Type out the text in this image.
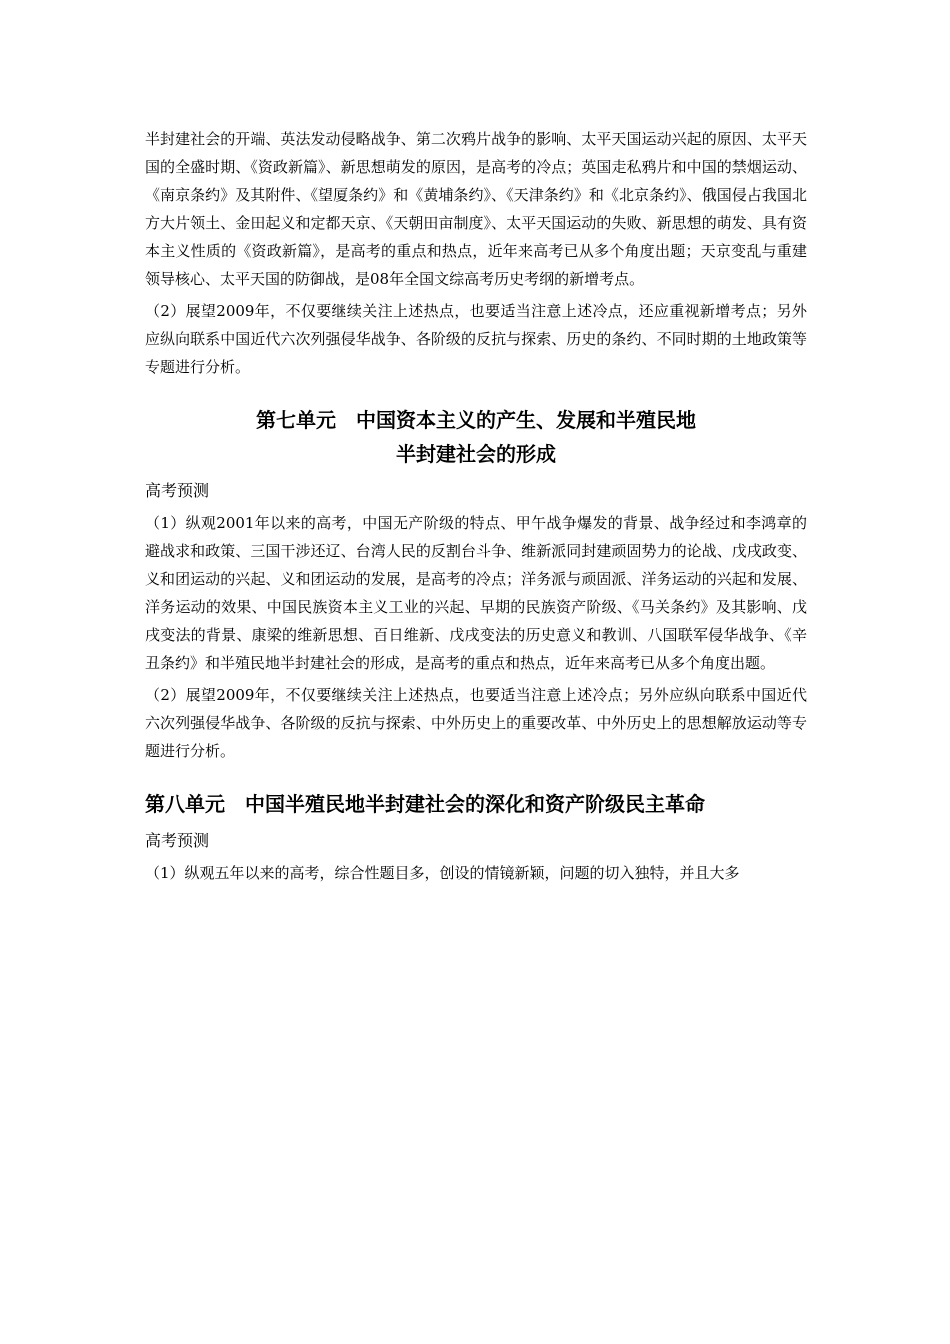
半封建社会的开端、英法发动侵略战争、第二次鸦片战争的影响、太平天国运动兴起的原因、太平天国的全盛时期、《资政新篇》、新思想萌发的原因，是高考的冷点；英国走私鸦片和中国的禁烟运动、《南京条约》及其附件、《望厦条约》和《黄埔条约》、《天津条约》和《北京条约》、俄国侵占我国北方大片领土、金田起义和定都天京、《天朝田亩制度》、太平天国运动的失败、新思想的萌发、具有资本主义性质的《资政新篇》，是高考的重点和热点，近年来高考已从多个角度出题；天京变乱与重建领导核心、太平天国的防御战，是08年全国文综高考历史考纲的新增考点。

（2）展望2009年，不仅要继续关注上述热点，也要适当注意上述冷点，还应重视新增考点；另外应纵向联系中国近代六次列强侵华战争、各阶级的反抗与探索、历史的条约、不同时期的土地政策等专题进行分析。

第七单元　中国资本主义的产生、发展和半殖民地
半封建社会的形成

高考预测

（1）纵观2001年以来的高考，中国无产阶级的特点、甲午战争爆发的背景、战争经过和李鸿章的避战求和政策、三国干涉还辽、台湾人民的反割台斗争、维新派同封建顽固势力的论战、戊戌政变、义和团运动的兴起、义和团运动的发展，是高考的冷点；洋务派与顽固派、洋务运动的兴起和发展、洋务运动的效果、中国民族资本主义工业的兴起、早期的民族资产阶级、《马关条约》及其影响、戊戌变法的背景、康梁的维新思想、百日维新、戊戌变法的历史意义和教训、八国联军侵华战争、《辛丑条约》和半殖民地半封建社会的形成，是高考的重点和热点，近年来高考已从多个角度出题。

（2）展望2009年，不仅要继续关注上述热点，也要适当注意上述冷点；另外应纵向联系中国近代六次列强侵华战争、各阶级的反抗与探索、中外历史上的重要改革、中外历史上的思想解放运动等专题进行分析。

第八单元　中国半殖民地半封建社会的深化和资产阶级民主革命

高考预测

（1）纵观五年以来的高考，综合性题目多，创设的情镜新颖，问题的切入独特，并且大多
